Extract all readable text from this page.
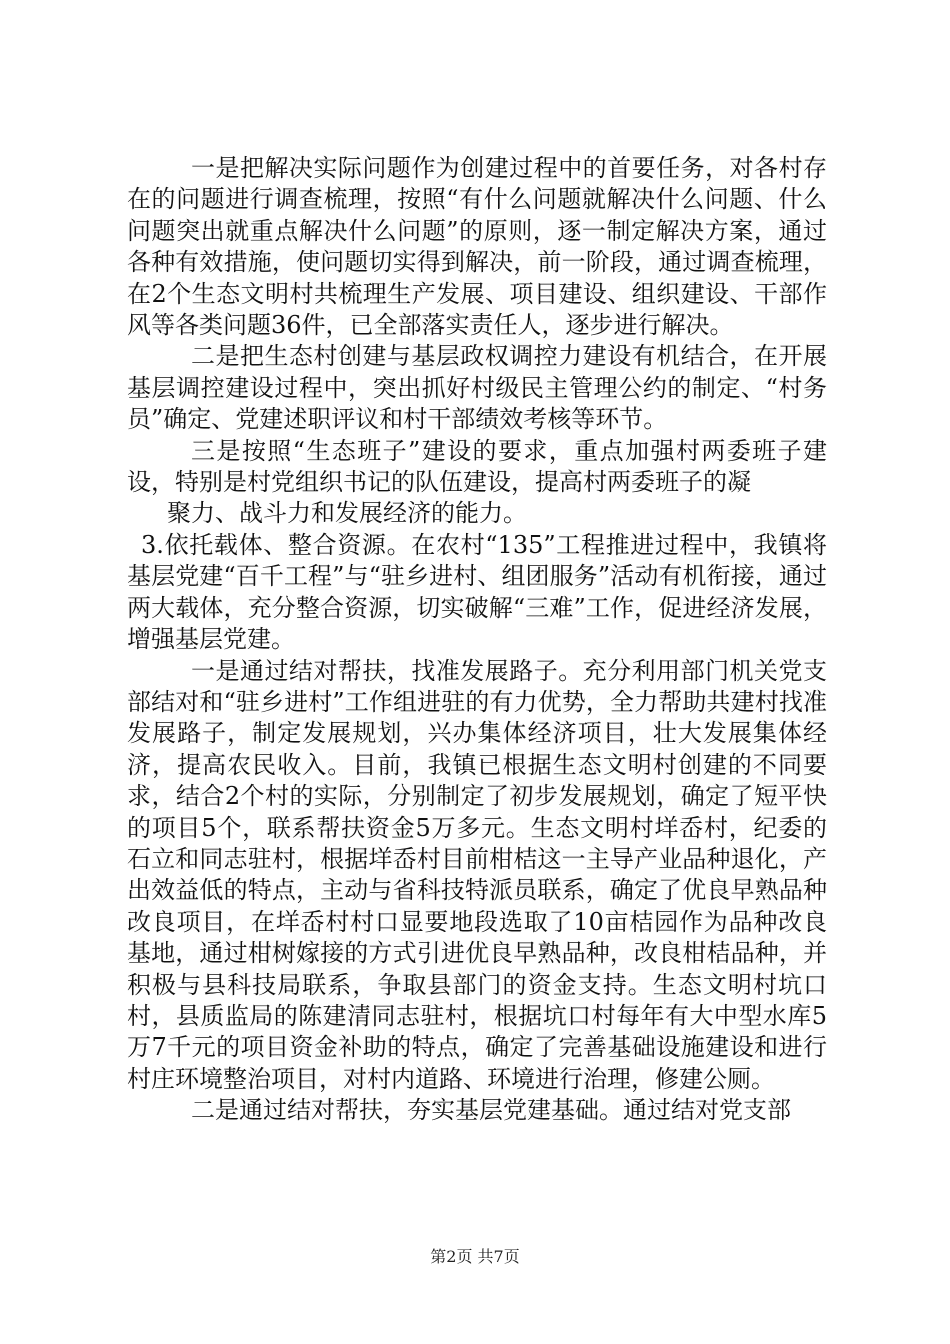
一是把解决实际问题作为创建过程中的首要任务，对各村存在的问题进行调查梳理，按照“有什么问题就解决什么问题、什么问题突出就重点解决什么问题”的原则，逐一制定解决方案，通过各种有效措施，使问题切实得到解决，前一阶段，通过调查梳理，在2个生态文明村共梳理生产发展、项目建设、组织建设、干部作风等各类问题36件，已全部落实责任人，逐步进行解决。

二是把生态村创建与基层政权调控力建设有机结合，在开展基层调控建设过程中，突出抓好村级民主管理公约的制定、“村务员”确定、党建述职评议和村干部绩效考核等环节。

三是按照“生态班子”建设的要求，重点加强村两委班子建设，特别是村党组织书记的队伍建设，提高村两委班子的凝

聚力、战斗力和发展经济的能力。

3.依托载体、整合资源。在农村“135”工程推进过程中，我镇将基层党建“百千工程”与“驻乡进村、组团服务”活动有机衔接，通过两大载体，充分整合资源，切实破解“三难”工作，促进经济发展，增强基层党建。

一是通过结对帮扶，找准发展路子。充分利用部门机关党支部结对和“驻乡进村”工作组进驻的有力优势，全力帮助共建村找准发展路子，制定发展规划，兴办集体经济项目，壮大发展集体经济，提高农民收入。目前，我镇已根据生态文明村创建的不同要求，结合2个村的实际，分别制定了初步发展规划，确定了短平快的项目5个，联系帮扶资金5万多元。生态文明村垟岙村，纪委的石立和同志驻村，根据垟岙村目前柑桔这一主导产业品种退化，产出效益低的特点，主动与省科技特派员联系，确定了优良早熟品种改良项目，在垟岙村村口显要地段选取了10亩桔园作为品种改良基地，通过柑树嫁接的方式引进优良早熟品种，改良柑桔品种，并积极与县科技局联系，争取县部门的资金支持。生态文明村坑口村，县质监局的陈建清同志驻村，根据坑口村每年有大中型水库5万7千元的项目资金补助的特点，确定了完善基础设施建设和进行村庄环境整治项目，对村内道路、环境进行治理，修建公厕。

二是通过结对帮扶，夯实基层党建基础。通过结对党支部

第2页 共7页
